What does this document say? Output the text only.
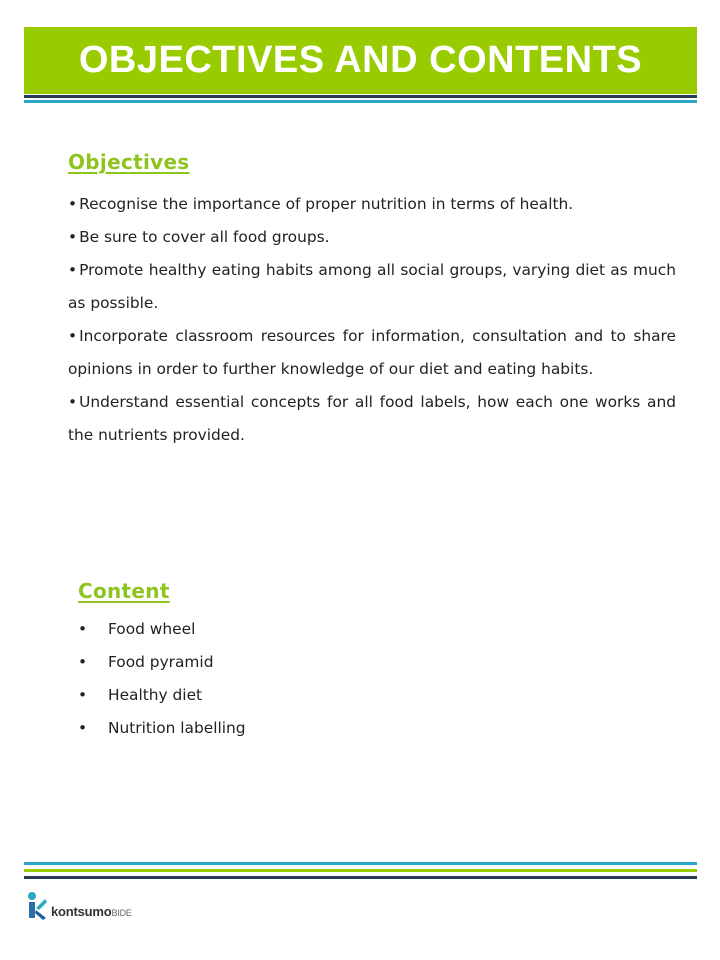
OBJECTIVES AND CONTENTS
Objectives
• Recognise the importance of proper nutrition in terms of health.
• Be sure to cover all food groups.
• Promote healthy eating habits among all social groups, varying diet as much as possible.
• Incorporate classroom resources for information, consultation and to share opinions in order to further knowledge of our diet and eating habits.
• Understand essential concepts for all food labels, how each one works and the nutrients provided.
Content
• Food wheel
• Food pyramid
• Healthy diet
• Nutrition labelling
kontsumoBIDE
